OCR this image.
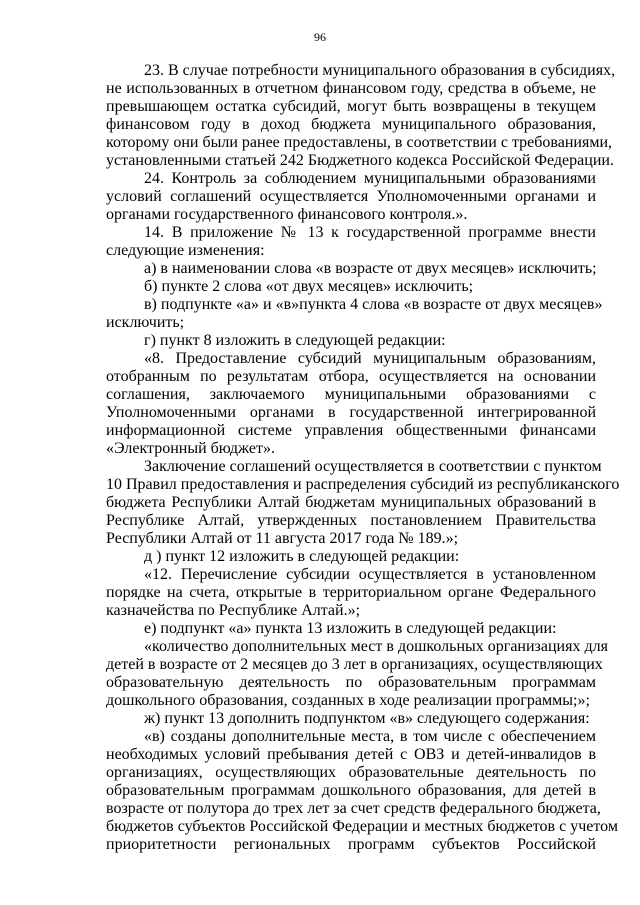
96
23. В случае потребности муниципального образования в субсидиях,
не использованных в отчетном финансовом году, средства в объеме, не
превышающем остатка субсидий, могут быть возвращены в текущем
финансовом году в доход бюджета муниципального образования,
которому они были ранее предоставлены, в соответствии с требованиями,
установленными статьей 242 Бюджетного кодекса Российской Федерации.
24. Контроль за соблюдением муниципальными образованиями
условий соглашений осуществляется Уполномоченными органами и
органами государственного финансового контроля.».
14. В приложение № 13 к государственной программе внести
следующие изменения:
а) в наименовании слова «в возрасте от двух месяцев» исключить;
б) пункте 2 слова «от двух месяцев» исключить;
в) подпункте «а» и «в»пункта 4 слова «в возрасте от двух месяцев»
исключить;
г) пункт 8 изложить в следующей редакции:
«8. Предоставлeние субсидий муниципальным образованиям,
отобранным по результатам отбора, осуществляется на основании
соглашения, заключаемого муниципальными образованиями с
Уполномоченными органами в государственной интегрированной
информационной системе управления общественными финансами
«Электронный бюджет».
Заключение соглашений осуществляется в соответствии с пунктом
10 Правил предоставления и распределения субсидий из республиканского
бюджета Республики Алтай бюджетам муниципальных образований в
Республике Алтай, утвержденных постановлением Правительства
Республики Алтай от 11 августа 2017 года № 189.»;
д ) пункт 12 изложить в следующей редакции:
«12. Перечисление субсидии осуществляется в установленном
порядке на счета, открытые в территориальном органе Федерального
казначейства по Республике Алтай.»;
е) подпункт «а» пункта 13 изложить в следующей редакции:
«количество дополнительных мест в дошкольных организациях для
детей в возрасте от 2 месяцев до 3 лет в организациях, осуществляющих
образовательную деятельность по образовательным программам
дошкольного образования, созданных в ходе реализации программы;»;
ж) пункт 13 дополнить подпунктом «в» следующего содержания:
«в) созданы дополнительные места, в том числе с обеспечением
необходимых условий пребывания детей с ОВЗ и детей-инвалидов в
организациях, осуществляющих образовательные деятельность по
образовательным программам дошкольного образования, для детей в
возрасте от полутора до трех лет за счет средств федерального бюджета,
бюджетов субъектов Российской Федерации и местных бюджетов с учетом
приоритетности региональных программ субъектов Российской
